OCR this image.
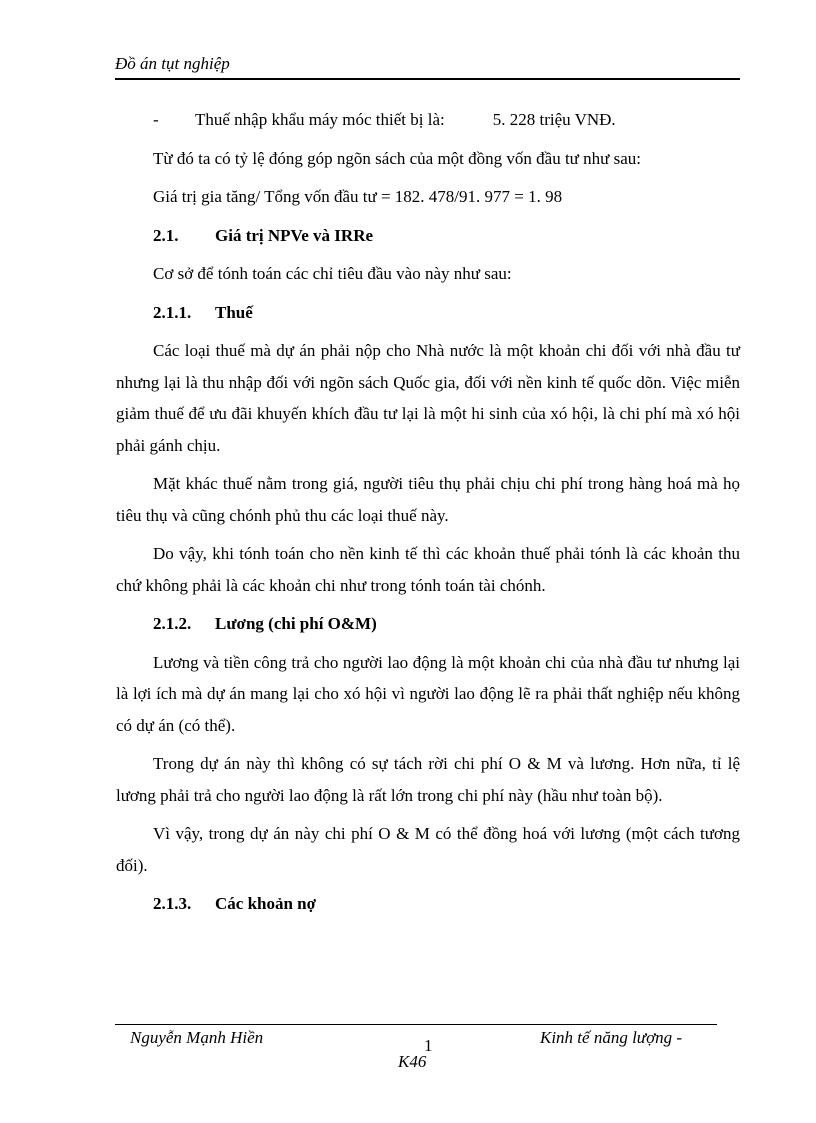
Đồ án tụt nghiệp
-	Thuế nhập khẩu máy móc thiết bị là:	5. 228 triệu VNĐ.

Từ đó ta có tỷ lệ đóng góp ngõn sách của một đồng vốn đầu tư như sau:

Giá trị gia tăng/ Tổng vốn đầu tư = 182. 478/91. 977 = 1. 98

2.1.	Giá trị NPVe và IRRe

Cơ sở để tónh toán các chỉ tiêu đầu vào này như sau:

2.1.1.	Thuế

Các loại thuế mà dự án phải nộp cho Nhà nước là một khoản chi đối với nhà đầu tư nhưng lại là thu nhập đối với ngõn sách Quốc gia, đối với nền kinh tế quốc dõn. Việc miễn giảm thuế để ưu đãi khuyến khích đầu tư lại là một hi sinh của xó hội, là chi phí mà xó hội phải gánh chịu.

Mặt khác thuế nằm trong giá, người tiêu thụ phải chịu chi phí trong hàng hoá mà họ tiêu thụ và cũng chónh phủ thu các loại thuế này.

Do vậy, khi tónh toán cho nền kinh tế thì các khoản thuế phải tónh là các khoản thu chứ không phải là các khoản chi như trong tónh toán tài chónh.

2.1.2.	Lương (chi phí O&M)

Lương và tiền công trả cho người lao động là một khoản chi của nhà đầu tư nhưng lại là lợi ích mà dự án mang lại cho xó hội vì người lao động lẽ ra phải thất nghiệp nếu không có dự án (có thể).

Trong dự án này thì không có sự tách rời chi phí O & M và lương. Hơn nữa, tỉ lệ lương phải trả cho người lao động là rất lớn trong chi phí này (hầu như toàn bộ).

Vì vậy, trong dự án này chi phí O & M có thể đồng hoá với lương (một cách tương đối).

2.1.3.	Các khoản nợ
Nguyễn Mạnh Hiền	1	Kinh tế năng lượng -
K46
